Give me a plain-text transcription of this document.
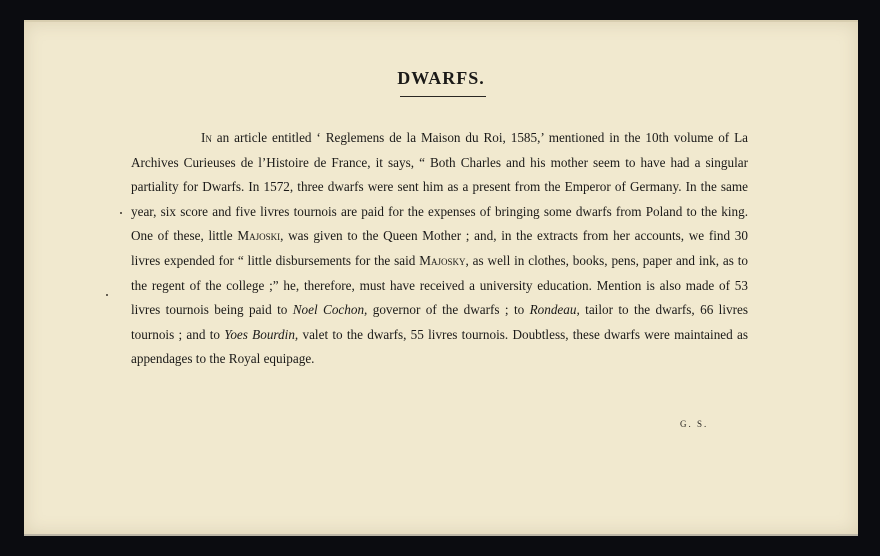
DWARFS.

In an article entitled ‘ Reglemens de la Maison du Roi, 1585,’ mentioned in the 10th volume of La Archives Curieuses de l’Histoire de France, it says, “ Both Charles and his mother seem to have had a singular partiality for Dwarfs. In 1572, three dwarfs were sent him as a present from the Emperor of Germany. In the same year, six score and five livres tournois are paid for the expenses of bringing some dwarfs from Poland to the king. One of these, little Majoski, was given to the Queen Mother ; and, in the extracts from her accounts, we find 30 livres expended for “ little disbursements for the said Majosky, as well in clothes, books, pens, paper and ink, as to the regent of the college ;” he, therefore, must have received a university education. Mention is also made of 53 livres tournois being paid to Noel Cochon, governor of the dwarfs ; to Rondeau, tailor to the dwarfs, 66 livres tournois ; and to Yoes Bourdin, valet to the dwarfs, 55 livres tournois. Doubtless, these dwarfs were maintained as appendages to the Royal equipage.

G. S.
